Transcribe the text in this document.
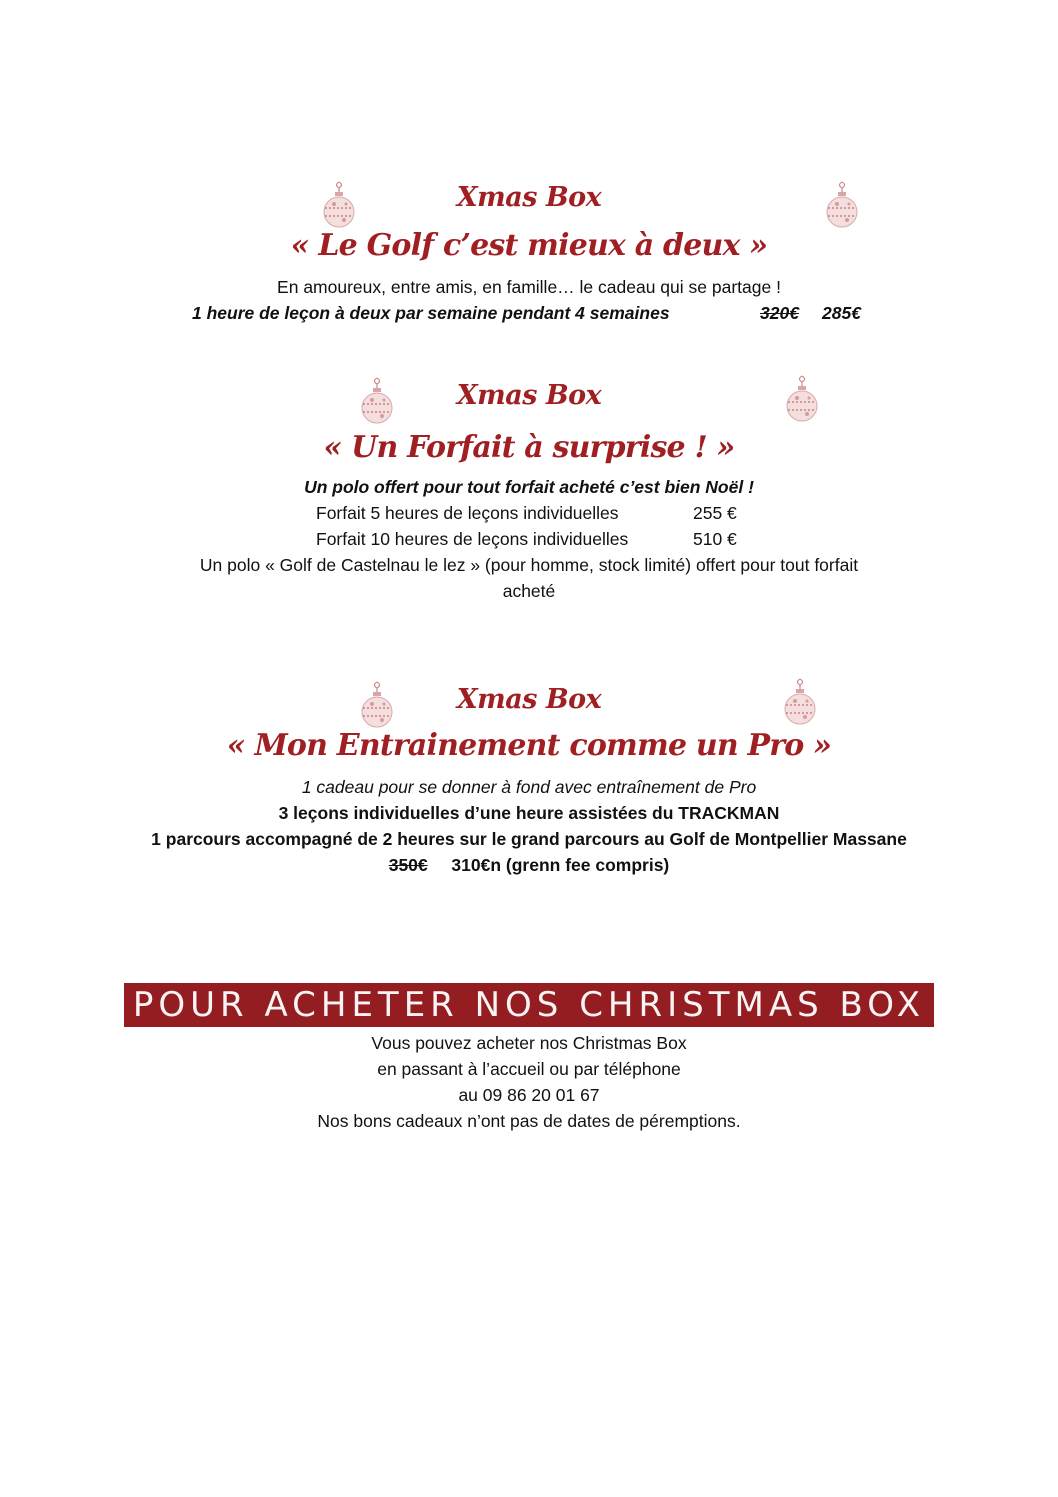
Xmas Box
« Le Golf c’est mieux à deux »
En amoureux, entre amis, en famille… le cadeau qui se partage !
1 heure de leçon à deux par semaine pendant 4 semaines	320€ 285€
Xmas Box
« Un Forfait à surprise ! »
Un polo offert pour tout forfait acheté c’est bien Noël !
Forfait 5 heures de leçons individuelles	255 €
Forfait 10 heures de leçons individuelles	510 €
Un polo « Golf de Castelnau le lez » (pour homme, stock limité) offert pour tout forfait
acheté
Xmas Box
« Mon Entrainement comme un Pro »
1 cadeau pour se donner à fond avec entraînement de Pro
3 leçons individuelles d’une heure assistées du TRACKMAN
1 parcours accompagné de 2 heures sur le grand parcours au Golf de Montpellier Massane
350€ 310€n (grenn fee compris)
POUR ACHETER NOS CHRISTMAS BOX
Vous pouvez acheter nos Christmas Box
en passant à l’accueil ou par téléphone
au 09 86 20 01 67
Nos bons cadeaux n’ont pas de dates de péremptions.
